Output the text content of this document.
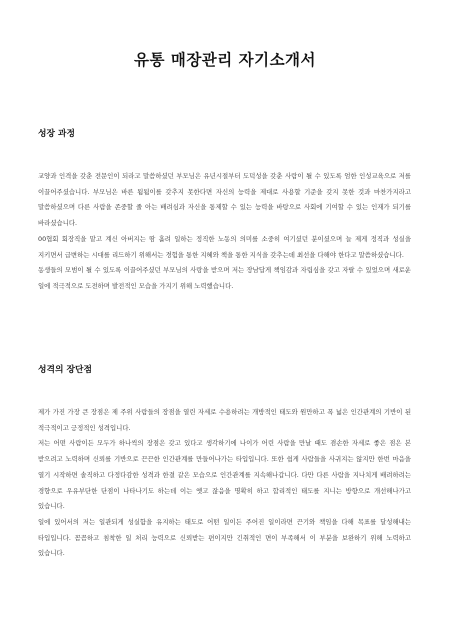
유통 매장관리 자기소개서
성장 과정

교양과 인격을 갖춘 전문인이 되라고 말씀하셨던 부모님은 유년시절부터 도덕성을 갖춘 사람이 될 수 있도록 엄한 인성교육으로 저를 이끌어주셨습니다. 부모님은 바른 됨됨이를 갖추지 못한다면 자신의 능력을 제대로 사용할 기준을 갖지 못한 것과 마찬가지라고 말씀하셨으며 다른 사람을 존중할 줄 아는 배려심과 자신을 통제할 수 있는 능력을 바탕으로 사회에 기여할 수 있는 인재가 되기를 바라셨습니다.

00협회 회장직을 맡고 계신 아버지는 땀 흘려 일하는 정직한 노동의 의미를 소중히 여기셨던 분이셨으며 늘 제게 정직과 성실을 지키면서 급변하는 시대를 리드하기 위해서는 경험을 통한 지혜와 책을 통한 지식을 갖추는데 최선을 다해야 한다고 말씀하셨습니다.

동생들의 모범이 될 수 있도록 이끌어주셨던 부모님의 사랑을 받으며 저는 장남답게 책임감과 자립심을 갖고 자랄 수 있었으며 새로운 일에 적극적으로 도전하며 발전적인 모습을 가지기 위해 노력했습니다.

성격의 장단점

제가 가진 가장 큰 장점은 제 주위 사람들의 장점을 열린 자세로 수용하려는 개방적인 태도와 원만하고 폭 넓은 인간관계의 기반이 된 적극적이고 긍정적인 성격입니다.

저는 어떤 사람이든 모두가 하나씩의 장점은 갖고 있다고 생각하기에 나이가 어린 사람을 만날 때도 겸손한 자세로 좋은 점은 본 받으려고 노력하며 신뢰를 기반으로 끈끈한 인간관계를 만들어나가는 타입입니다. 또한 쉽게 사람들을 사귀지는 않지만 한번 마음을 열기 시작하면 솔직하고 다정다감한 성격과 한결 같은 모습으로 인간관계를 지속해나갑니다. 다만 다른 사람을 지나치게 배려하려는 경향으로 우유부단한 단점이 나타나기도 하는데 이는 옛고 잖음을 명확히 하고 합리적인 태도를 지니는 방향으로 개선해나가고 있습니다.

일에 있어서의 저는 일관되게 성실함을 유지하는 태도로 어떤 일이든 주어진 일이라면 끈기와 책임을 다해 목표를 달성해내는 타입입니다. 꼼꼼하고 침착한 일 처리 능력으로 신뢰받는 편이지만 긴취적인 면이 부족해서 이 부분을 보완하기 위해 노력하고 있습니다.
